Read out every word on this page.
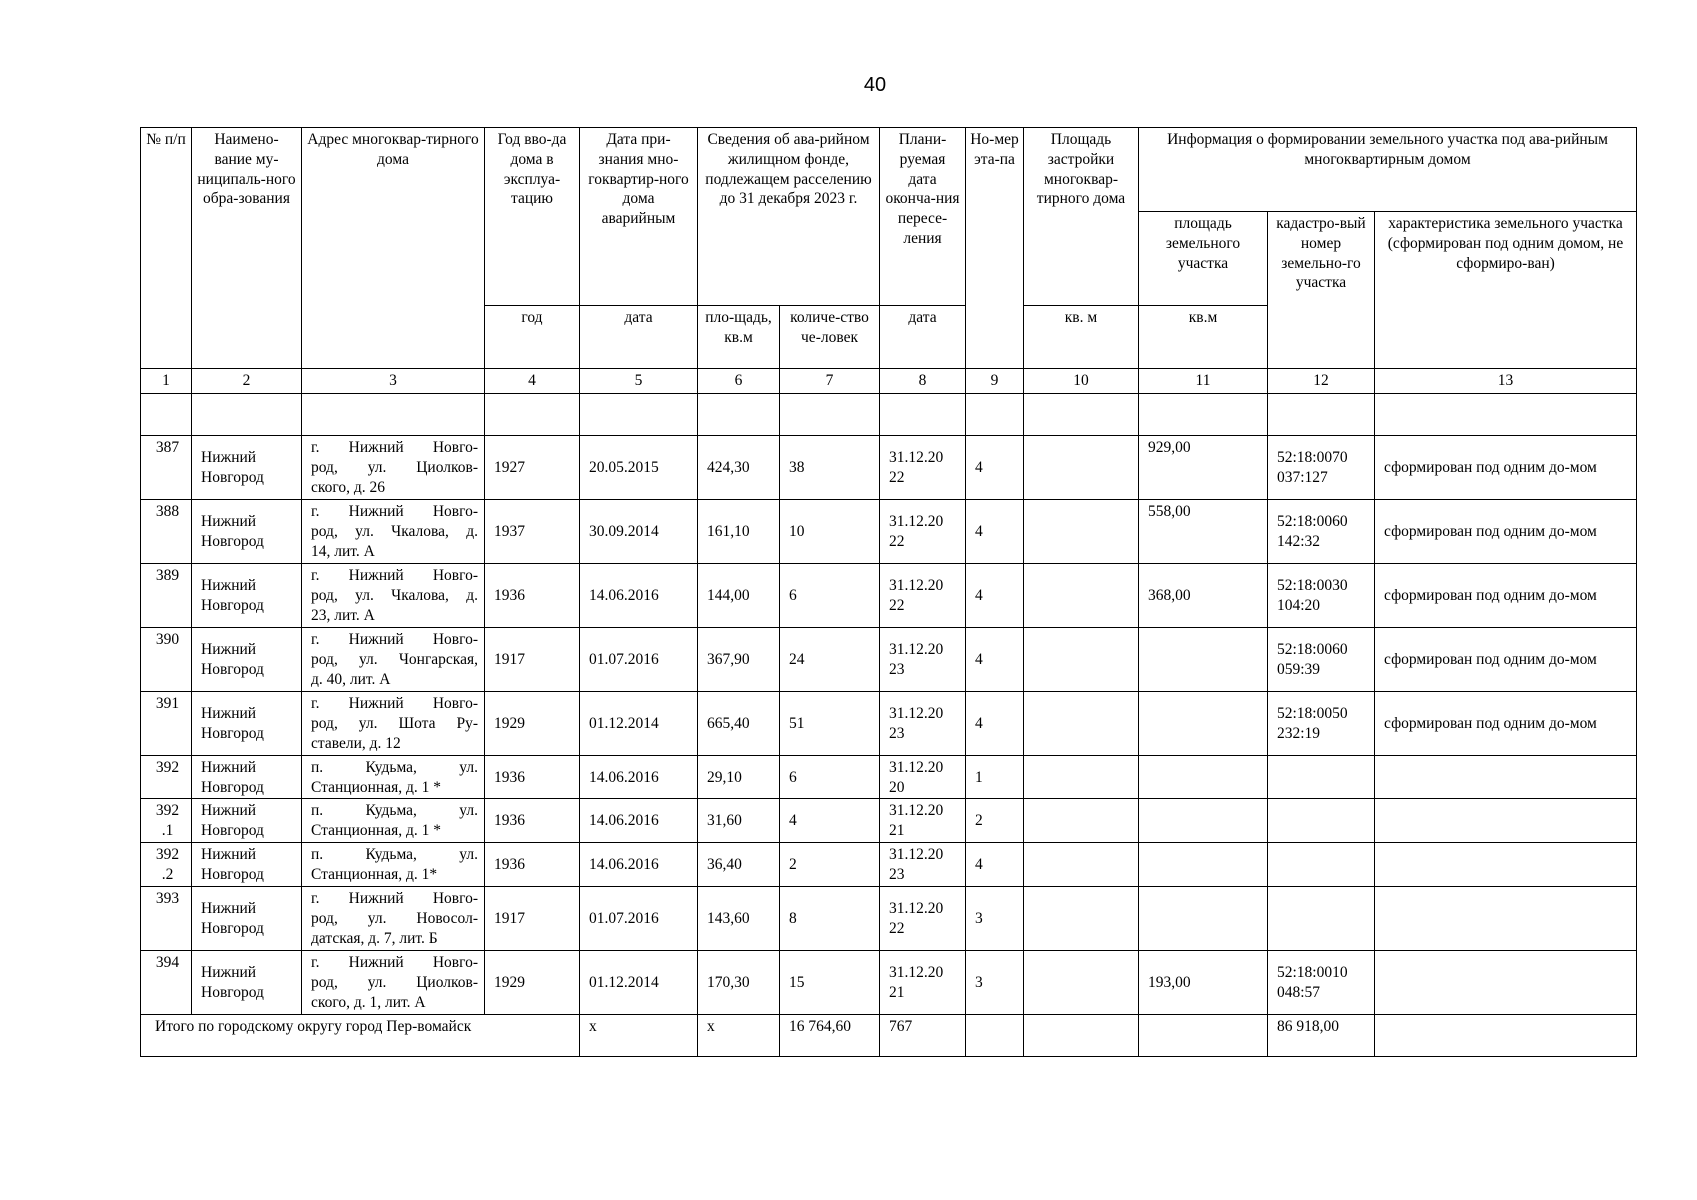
40
№ п/п	Наимено-вание му-ниципаль-ного обра-зования	Адрес многоквар-тирного дома	Год вво-да дома в эксплуа-тацию	Дата при-знания мно-гоквартир-ного дома аварийным	Сведения об ава-рийном жилищном фонде, подлежащем расселению до 31 декабря 2023 г.		Плани-руемая дата оконча-ния пересе-ления	Но-мер эта-па	Площадь застройки многоквар-тирного дома	Информация о формировании земельного участка под ава-рийным многоквартирным домом			
										площадь земельного участка	кадастро-вый номер земельно-го участка	характеристика земельного участка (сформирован под одним домом, не сформиро-ван)	
			год	дата	пло-щадь, кв.м	количе-ство че-ловек	дата		кв. м	кв.м			
1	2	3	4	5	6	7	8	9	10	11	12	13	

387	Нижний Новгород	г. Нижний Новго-
род, ул. Циолков-
ского, д. 26	1927	20.05.2015	424,30	38	31.12.20 22	4		929,00	52:18:0070 037:127	сформирован под одним до-мом	
388	Нижний Новгород	г. Нижний Новго-
род, ул. Чкалова, д.
14, лит. А	1937	30.09.2014	161,10	10	31.12.20 22	4		558,00	52:18:0060 142:32	сформирован под одним до-мом	
389	Нижний Новгород	г. Нижний Новго-
род, ул. Чкалова, д.
23, лит. А	1936	14.06.2016	144,00	6	31.12.20 22	4		368,00	52:18:0030 104:20	сформирован под одним до-мом	
390	Нижний Новгород	г. Нижний Новго-
род, ул. Чонгарская,
д. 40, лит. А	1917	01.07.2016	367,90	24	31.12.20 23	4			52:18:0060 059:39	сформирован под одним до-мом	
391	Нижний Новгород	г. Нижний Новго-
род, ул. Шота Ру-
ставели, д. 12	1929	01.12.2014	665,40	51	31.12.20 23	4			52:18:0050 232:19	сформирован под одним до-мом	
392	Нижний Новгород	п. Кудьма, ул.
Станционная, д. 1 *	1936	14.06.2016	29,10	6	31.12.20 20	1					
392 .1	Нижний Новгород	п. Кудьма, ул.
Станционная, д. 1 *	1936	14.06.2016	31,60	4	31.12.20 21	2					
392 .2	Нижний Новгород	п. Кудьма, ул.
Станционная, д. 1*	1936	14.06.2016	36,40	2	31.12.20 23	4					
393	Нижний Новгород	г. Нижний Новго-
род, ул. Новосол-
датская, д. 7, лит. Б	1917	01.07.2016	143,60	8	31.12.20 22	3					
394	Нижний Новгород	г. Нижний Новго-
род, ул. Циолков-
ского, д. 1, лит. А	1929	01.12.2014	170,30	15	31.12.20 21	3		193,00	52:18:0010 048:57		
Итого по городскому округу город Пер-вомайск				х	х	16 764,60	767				86 918,00		
